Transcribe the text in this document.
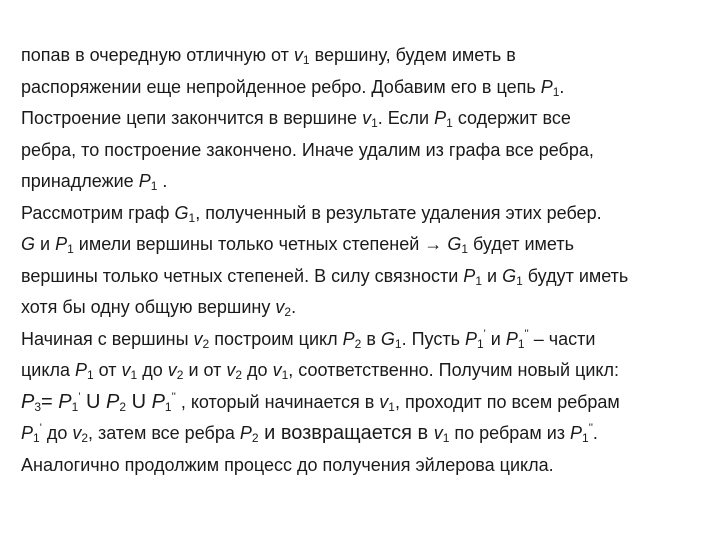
попав в очередную отличную от $v_1$ вершину, будем иметь в
распоряжении еще непройденное ребро. Добавим его в цепь $P_1$.
Построение цепи закончится в вершине $v_1$. Если $P_1$ содержит все
ребра, то построение закончено. Иначе удалим из графа все ребра,
принадлежие $P_1$ .
Рассмотрим граф $G_1$, полученный в результате удаления этих ребер.
G и $P_1$ имели вершины только четных степеней → $G_1$ будет иметь
вершины только четных степеней. В силу связности $P_1$ и $G_1$ будут иметь
хотя бы одну общую вершину $v_2$.
Начиная с вершины $v_2$ построим цикл $P_2$ в $G_1$. Пусть $P_1'$ и $P_1''$ – части
цикла $P_1$ от $v_1$ до $v_2$ и от $v_2$ до $v_1$, соответственно. Получим новый цикл:
$P_3= P_1'$ U $P_2$ U $P_1''$ , который начинается в $v_1$, проходит по всем ребрам
$P_1'$ до $v_2$, затем все ребра $P_2$ и возвращается в $v_1$ по ребрам из $P_1''$.
Аналогично продолжим процесс до получения эйлерова цикла.
